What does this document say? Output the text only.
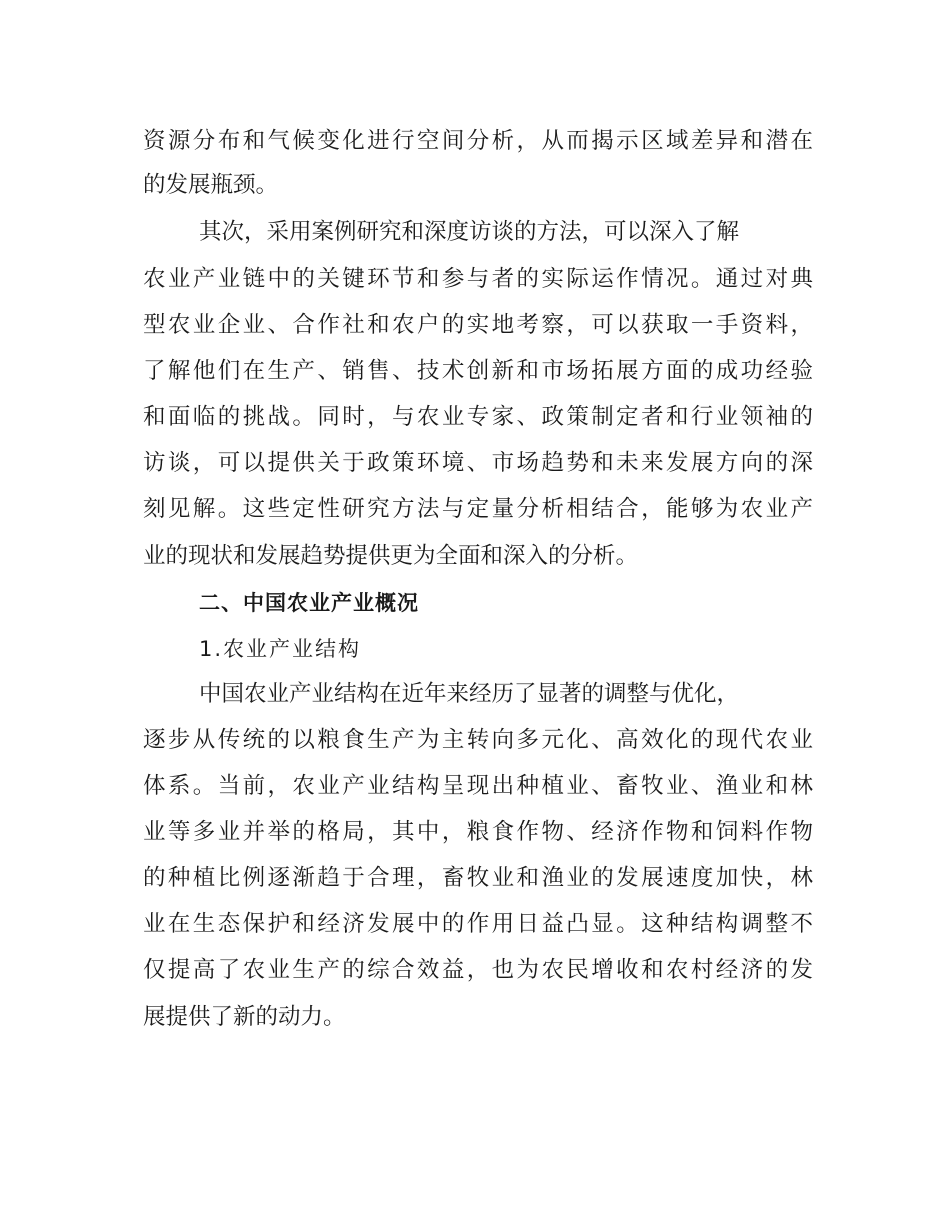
资源分布和气候变化进行空间分析，从而揭示区域差异和潜在
的发展瓶颈。
其次，采用案例研究和深度访谈的方法，可以深入了解
农业产业链中的关键环节和参与者的实际运作情况。通过对典
型农业企业、合作社和农户的实地考察，可以获取一手资料，
了解他们在生产、销售、技术创新和市场拓展方面的成功经验
和面临的挑战。同时，与农业专家、政策制定者和行业领袖的
访谈，可以提供关于政策环境、市场趋势和未来发展方向的深
刻见解。这些定性研究方法与定量分析相结合，能够为农业产
业的现状和发展趋势提供更为全面和深入的分析。
二、中国农业产业概况
1.农业产业结构
中国农业产业结构在近年来经历了显著的调整与优化，
逐步从传统的以粮食生产为主转向多元化、高效化的现代农业
体系。当前，农业产业结构呈现出种植业、畜牧业、渔业和林
业等多业并举的格局，其中，粮食作物、经济作物和饲料作物
的种植比例逐渐趋于合理，畜牧业和渔业的发展速度加快，林
业在生态保护和经济发展中的作用日益凸显。这种结构调整不
仅提高了农业生产的综合效益，也为农民增收和农村经济的发
展提供了新的动力。
